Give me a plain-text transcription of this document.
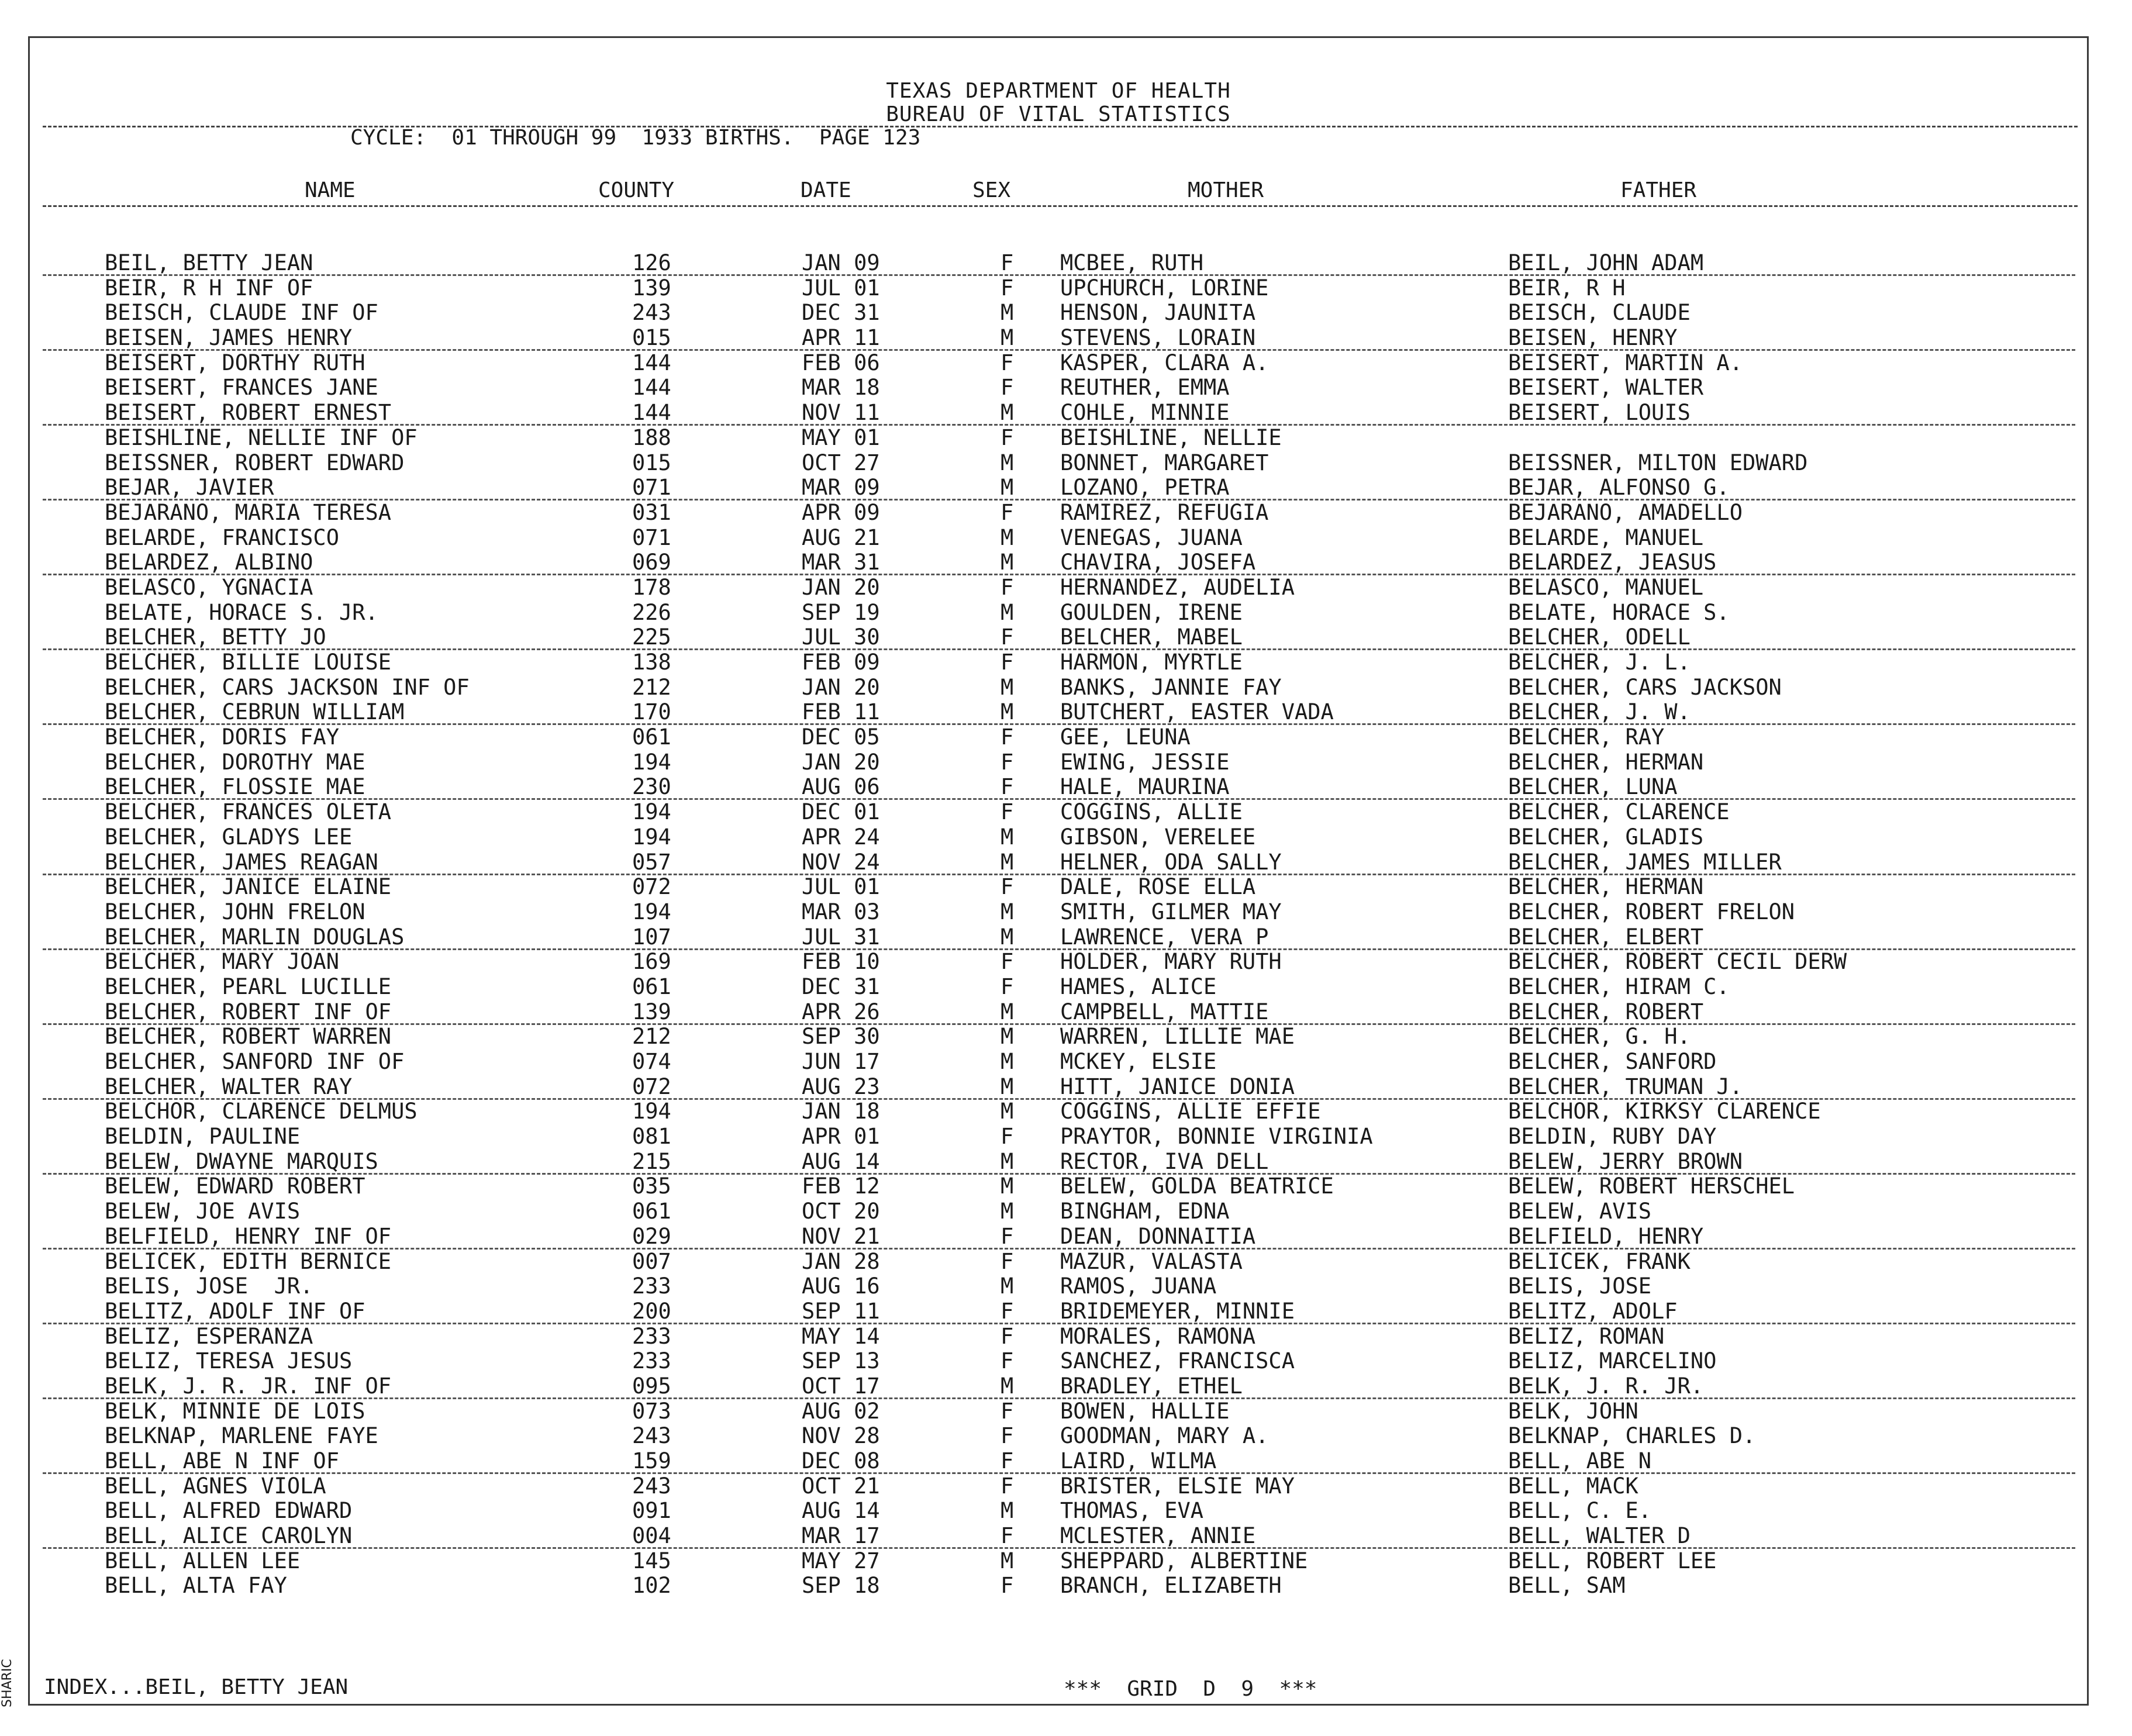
TEXAS DEPARTMENT OF HEALTH
BUREAU OF VITAL STATISTICS
CYCLE:  01 THROUGH 99  1933 BIRTHS.  PAGE 123
NAME	COUNTY	DATE	SEX	MOTHER	FATHER
BEIL, BETTY JEAN	126	JAN 09	F MCBEE, RUTH	BEIL, JOHN ADAM
BEIR, R H INF OF	139	JUL 01	F UPCHURCH, LORINE	BEIR, R H
BEISCH, CLAUDE INF OF	243	DEC 31	M HENSON, JAUNITA	BEISCH, CLAUDE
BEISEN, JAMES HENRY	015	APR 11	M STEVENS, LORAIN	BEISEN, HENRY
BEISERT, DORTHY RUTH	144	FEB 06	F KASPER, CLARA A.	BEISERT, MARTIN A.
BEISERT, FRANCES JANE	144	MAR 18	F REUTHER, EMMA	BEISERT, WALTER
BEISERT, ROBERT ERNEST	144	NOV 11	M COHLE, MINNIE	BEISERT, LOUIS
BEISHLINE, NELLIE INF OF	188	MAY 01	F BEISHLINE, NELLIE
BEISSNER, ROBERT EDWARD	015	OCT 27	M BONNET, MARGARET	BEISSNER, MILTON EDWARD
BEJAR, JAVIER	071	MAR 09	M LOZANO, PETRA	BEJAR, ALFONSO G.
BEJARANO, MARIA TERESA	031	APR 09	F RAMIREZ, REFUGIA	BEJARANO, AMADELLO
BELARDE, FRANCISCO	071	AUG 21	M VENEGAS, JUANA	BELARDE, MANUEL
BELARDEZ, ALBINO	069	MAR 31	M CHAVIRA, JOSEFA	BELARDEZ, JEASUS
BELASCO, YGNACIA	178	JAN 20	F HERNANDEZ, AUDELIA	BELASCO, MANUEL
BELATE, HORACE S. JR.	226	SEP 19	M GOULDEN, IRENE	BELATE, HORACE S.
BELCHER, BETTY JO	225	JUL 30	F BELCHER, MABEL	BELCHER, ODELL
BELCHER, BILLIE LOUISE	138	FEB 09	F HARMON, MYRTLE	BELCHER, J. L.
BELCHER, CARS JACKSON INF OF	212	JAN 20	M BANKS, JANNIE FAY	BELCHER, CARS JACKSON
BELCHER, CEBRUN WILLIAM	170	FEB 11	M BUTCHERT, EASTER VADA	BELCHER, J. W.
BELCHER, DORIS FAY	061	DEC 05	F GEE, LEUNA	BELCHER, RAY
BELCHER, DOROTHY MAE	194	JAN 20	F EWING, JESSIE	BELCHER, HERMAN
BELCHER, FLOSSIE MAE	230	AUG 06	F HALE, MAURINA	BELCHER, LUNA
BELCHER, FRANCES OLETA	194	DEC 01	F COGGINS, ALLIE	BELCHER, CLARENCE
BELCHER, GLADYS LEE	194	APR 24	M GIBSON, VERELEE	BELCHER, GLADIS
BELCHER, JAMES REAGAN	057	NOV 24	M HELNER, ODA SALLY	BELCHER, JAMES MILLER
BELCHER, JANICE ELAINE	072	JUL 01	F DALE, ROSE ELLA	BELCHER, HERMAN
BELCHER, JOHN FRELON	194	MAR 03	M SMITH, GILMER MAY	BELCHER, ROBERT FRELON
BELCHER, MARLIN DOUGLAS	107	JUL 31	M LAWRENCE, VERA P	BELCHER, ELBERT
BELCHER, MARY JOAN	169	FEB 10	F HOLDER, MARY RUTH	BELCHER, ROBERT CECIL DERW
BELCHER, PEARL LUCILLE	061	DEC 31	F HAMES, ALICE	BELCHER, HIRAM C.
BELCHER, ROBERT INF OF	139	APR 26	M CAMPBELL, MATTIE	BELCHER, ROBERT
BELCHER, ROBERT WARREN	212	SEP 30	M WARREN, LILLIE MAE	BELCHER, G. H.
BELCHER, SANFORD INF OF	074	JUN 17	M MCKEY, ELSIE	BELCHER, SANFORD
BELCHER, WALTER RAY	072	AUG 23	M HITT, JANICE DONIA	BELCHER, TRUMAN J.
BELCHOR, CLARENCE DELMUS	194	JAN 18	M COGGINS, ALLIE EFFIE	BELCHOR, KIRKSY CLARENCE
BELDIN, PAULINE	081	APR 01	F PRAYTOR, BONNIE VIRGINIA	BELDIN, RUBY DAY
BELEW, DWAYNE MARQUIS	215	AUG 14	M RECTOR, IVA DELL	BELEW, JERRY BROWN
BELEW, EDWARD ROBERT	035	FEB 12	M BELEW, GOLDA BEATRICE	BELEW, ROBERT HERSCHEL
BELEW, JOE AVIS	061	OCT 20	M BINGHAM, EDNA	BELEW, AVIS
BELFIELD, HENRY INF OF	029	NOV 21	F DEAN, DONNAITIA	BELFIELD, HENRY
BELICEK, EDITH BERNICE	007	JAN 28	F MAZUR, VALASTA	BELICEK, FRANK
BELIS, JOSE  JR.	233	AUG 16	M RAMOS, JUANA	BELIS, JOSE
BELITZ, ADOLF INF OF	200	SEP 11	F BRIDEMEYER, MINNIE	BELITZ, ADOLF
BELIZ, ESPERANZA	233	MAY 14	F MORALES, RAMONA	BELIZ, ROMAN
BELIZ, TERESA JESUS	233	SEP 13	F SANCHEZ, FRANCISCA	BELIZ, MARCELINO
BELK, J. R. JR. INF OF	095	OCT 17	M BRADLEY, ETHEL	BELK, J. R. JR.
BELK, MINNIE DE LOIS	073	AUG 02	F BOWEN, HALLIE	BELK, JOHN
BELKNAP, MARLENE FAYE	243	NOV 28	F GOODMAN, MARY A.	BELKNAP, CHARLES D.
BELL, ABE N INF OF	159	DEC 08	F LAIRD, WILMA	BELL, ABE N
BELL, AGNES VIOLA	243	OCT 21	F BRISTER, ELSIE MAY	BELL, MACK
BELL, ALFRED EDWARD	091	AUG 14	M THOMAS, EVA	BELL, C. E.
BELL, ALICE CAROLYN	004	MAR 17	F MCLESTER, ANNIE	BELL, WALTER D
BELL, ALLEN LEE	145	MAY 27	M SHEPPARD, ALBERTINE	BELL, ROBERT LEE
BELL, ALTA FAY	102	SEP 18	F BRANCH, ELIZABETH	BELL, SAM
INDEX...BEIL, BETTY JEAN	***  GRID  D  9  ***
SHARIC
